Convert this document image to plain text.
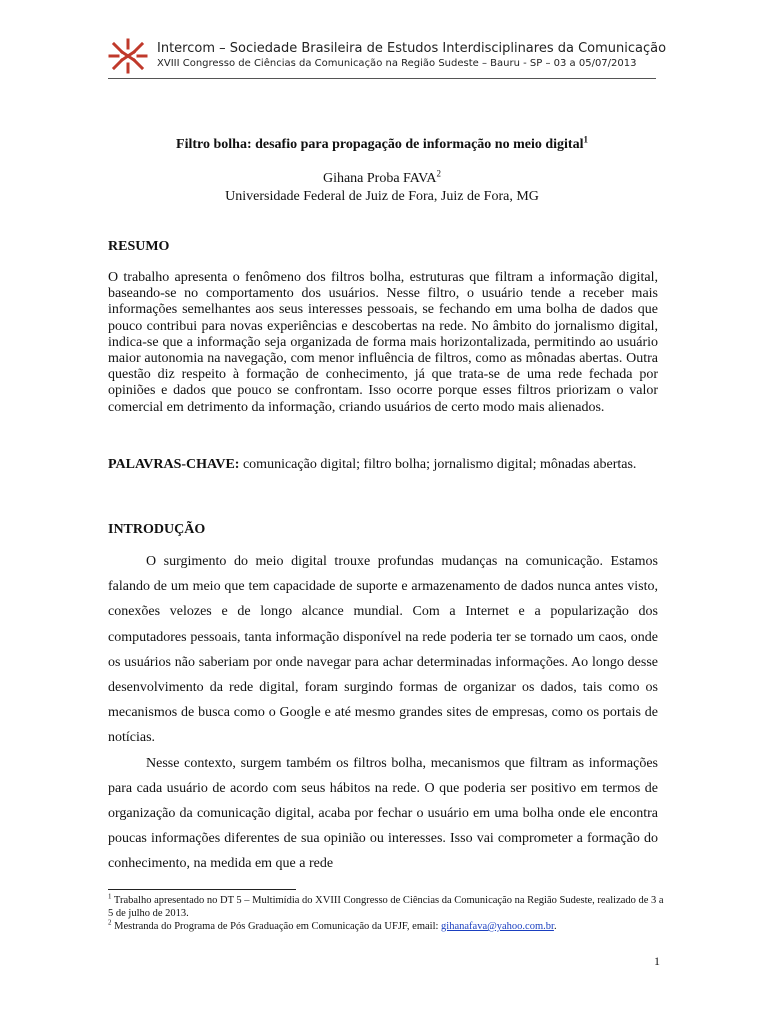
Intercom – Sociedade Brasileira de Estudos Interdisciplinares da Comunicação
XVIII Congresso de Ciências da Comunicação na Região Sudeste – Bauru - SP – 03 a 05/07/2013
Filtro bolha: desafio para propagação de informação no meio digital$^1$
Gihana Proba FAVA$^2$
Universidade Federal de Juiz de Fora, Juiz de Fora, MG
RESUMO
O trabalho apresenta o fenômeno dos filtros bolha, estruturas que filtram a informação digital, baseando-se no comportamento dos usuários. Nesse filtro, o usuário tende a receber mais informações semelhantes aos seus interesses pessoais, se fechando em uma bolha de dados que pouco contribui para novas experiências e descobertas na rede. No âmbito do jornalismo digital, indica-se que a informação seja organizada de forma mais horizontalizada, permitindo ao usuário maior autonomia na navegação, com menor influência de filtros, como as mônadas abertas. Outra questão diz respeito à formação de conhecimento, já que trata-se de uma rede fechada por opiniões e dados que pouco se confrontam. Isso ocorre porque esses filtros priorizam o valor comercial em detrimento da informação, criando usuários de certo modo mais alienados.
PALAVRAS-CHAVE: comunicação digital; filtro bolha; jornalismo digital; mônadas abertas.
INTRODUÇÃO

O surgimento do meio digital trouxe profundas mudanças na comunicação. Estamos falando de um meio que tem capacidade de suporte e armazenamento de dados nunca antes visto, conexões velozes e de longo alcance mundial. Com a Internet e a popularização dos computadores pessoais, tanta informação disponível na rede poderia ter se tornado um caos, onde os usuários não saberiam por onde navegar para achar determinadas informações. Ao longo desse desenvolvimento da rede digital, foram surgindo formas de organizar os dados, tais como os mecanismos de busca como o Google e até mesmo grandes sites de empresas, como os portais de notícias.

Nesse contexto, surgem também os filtros bolha, mecanismos que filtram as informações para cada usuário de acordo com seus hábitos na rede. O que poderia ser positivo em termos de organização da comunicação digital, acaba por fechar o usuário em uma bolha onde ele encontra poucas informações diferentes de sua opinião ou interesses. Isso vai comprometer a formação do conhecimento, na medida em que a rede

$^1$ Trabalho apresentado no DT 5 – Multimídia do XVIII Congresso de Ciências da Comunicação na Região Sudeste, realizado de 3 a 5 de julho de 2013.
$^2$ Mestranda do Programa de Pós Graduação em Comunicação da UFJF, email: gihanafava@yahoo.com.br.
1
